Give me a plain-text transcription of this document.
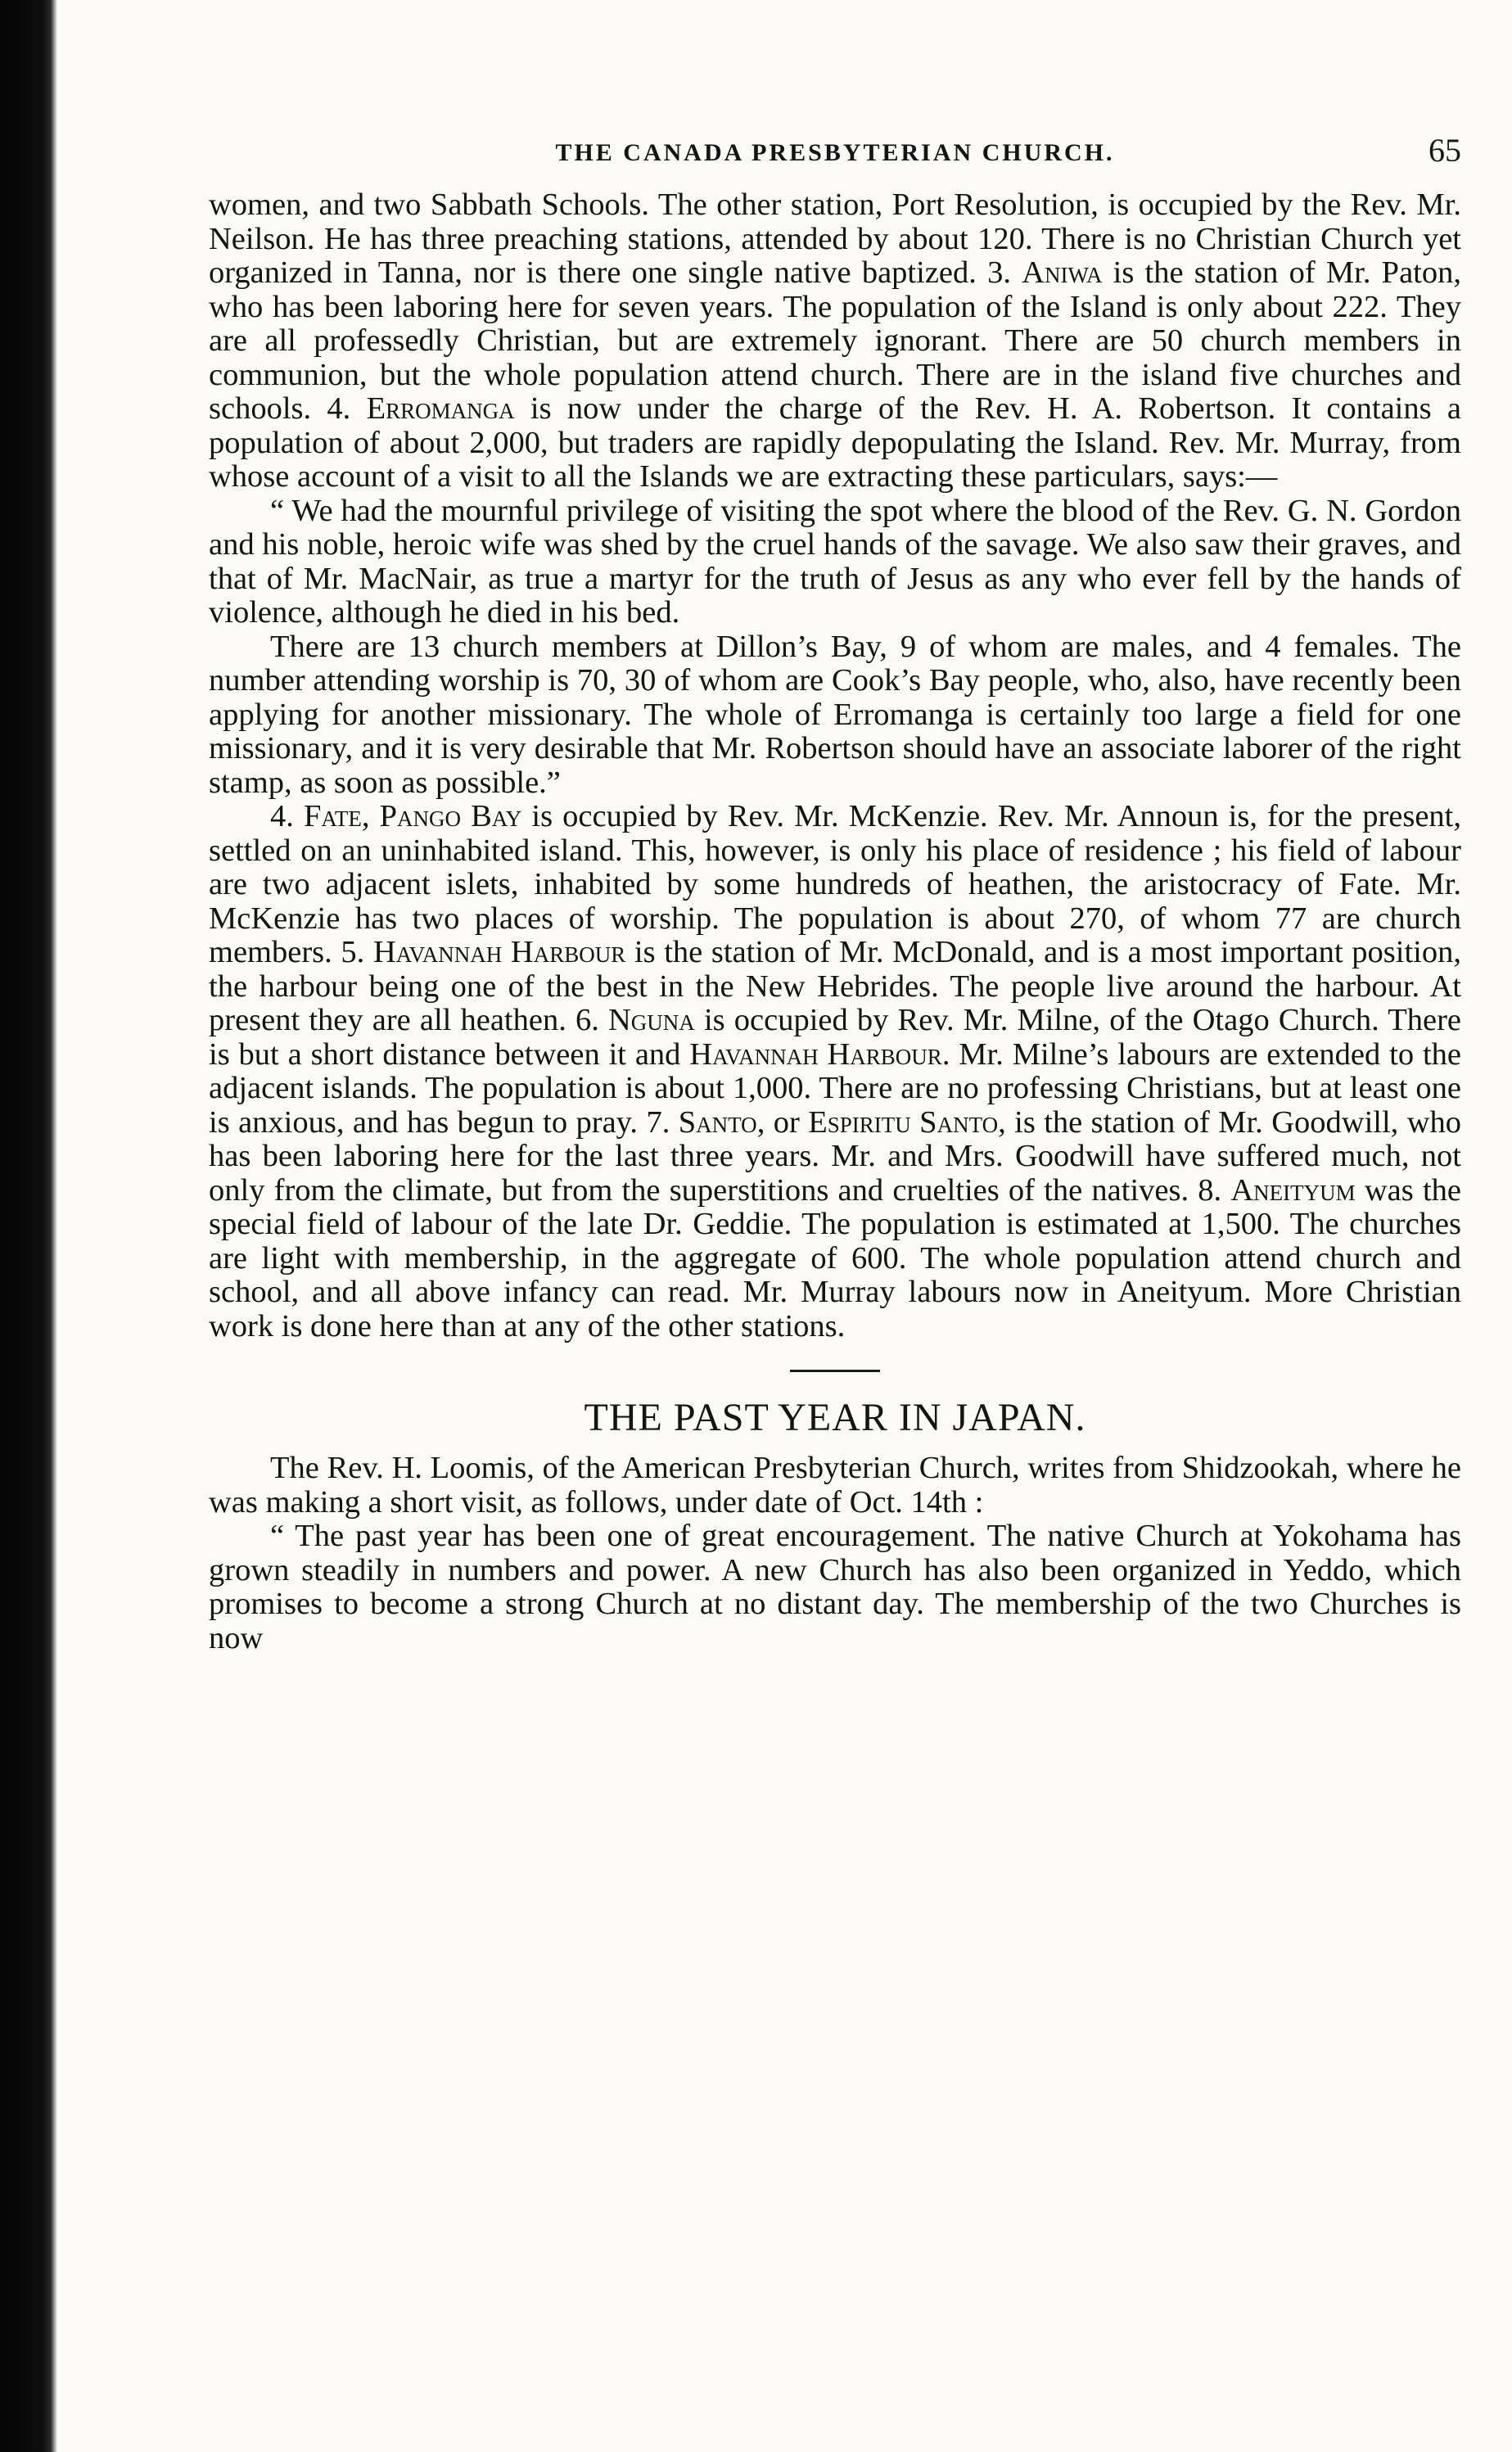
THE CANADA PRESBYTERIAN CHURCH.	65

women, and two Sabbath Schools. The other station, Port Resolution, is occupied by the Rev. Mr. Neilson. He has three preaching stations, attended by about 120. There is no Christian Church yet organized in Tanna, nor is there one single native baptized. 3. Aniwa is the station of Mr. Paton, who has been laboring here for seven years. The population of the Island is only about 222. They are all professedly Christian, but are extremely ignorant. There are 50 church members in communion, but the whole population attend church. There are in the island five churches and schools. 4. Erromanga is now under the charge of the Rev. H. A. Robertson. It contains a population of about 2,000, but traders are rapidly depopulating the Island. Rev. Mr. Murray, from whose account of a visit to all the Islands we are extracting these particulars, says:—

“ We had the mournful privilege of visiting the spot where the blood of the Rev. G. N. Gordon and his noble, heroic wife was shed by the cruel hands of the savage. We also saw their graves, and that of Mr. MacNair, as true a martyr for the truth of Jesus as any who ever fell by the hands of violence, although he died in his bed.

There are 13 church members at Dillon’s Bay, 9 of whom are males, and 4 females. The number attending worship is 70, 30 of whom are Cook’s Bay people, who, also, have recently been applying for another missionary. The whole of Erromanga is certainly too large a field for one missionary, and it is very desirable that Mr. Robertson should have an associate laborer of the right stamp, as soon as possible.”

4. Fate, Pango Bay is occupied by Rev. Mr. McKenzie. Rev. Mr. Announ is, for the present, settled on an uninhabited island. This, however, is only his place of residence ; his field of labour are two adjacent islets, inhabited by some hundreds of heathen, the aristocracy of Fate. Mr. McKenzie has two places of worship. The population is about 270, of whom 77 are church members. 5. Havannah Harbour is the station of Mr. McDonald, and is a most important position, the harbour being one of the best in the New Hebrides. The people live around the harbour. At present they are all heathen. 6. Nguna is occupied by Rev. Mr. Milne, of the Otago Church. There is but a short distance between it and Havannah Harbour. Mr. Milne’s labours are extended to the adjacent islands. The population is about 1,000. There are no professing Christians, but at least one is anxious, and has begun to pray. 7. Santo, or Espiritu Santo, is the station of Mr. Goodwill, who has been laboring here for the last three years. Mr. and Mrs. Goodwill have suffered much, not only from the climate, but from the superstitions and cruelties of the natives. 8. Aneityum was the special field of labour of the late Dr. Geddie. The population is estimated at 1,500. The churches are light with membership, in the aggregate of 600. The whole population attend church and school, and all above infancy can read. Mr. Murray labours now in Aneityum. More Christian work is done here than at any of the other stations.

THE PAST YEAR IN JAPAN.

The Rev. H. Loomis, of the American Presbyterian Church, writes from Shidzookah, where he was making a short visit, as follows, under date of Oct. 14th :

“ The past year has been one of great encouragement. The native Church at Yokohama has grown steadily in numbers and power. A new Church has also been organized in Yeddo, which promises to become a strong Church at no distant day. The membership of the two Churches is now
